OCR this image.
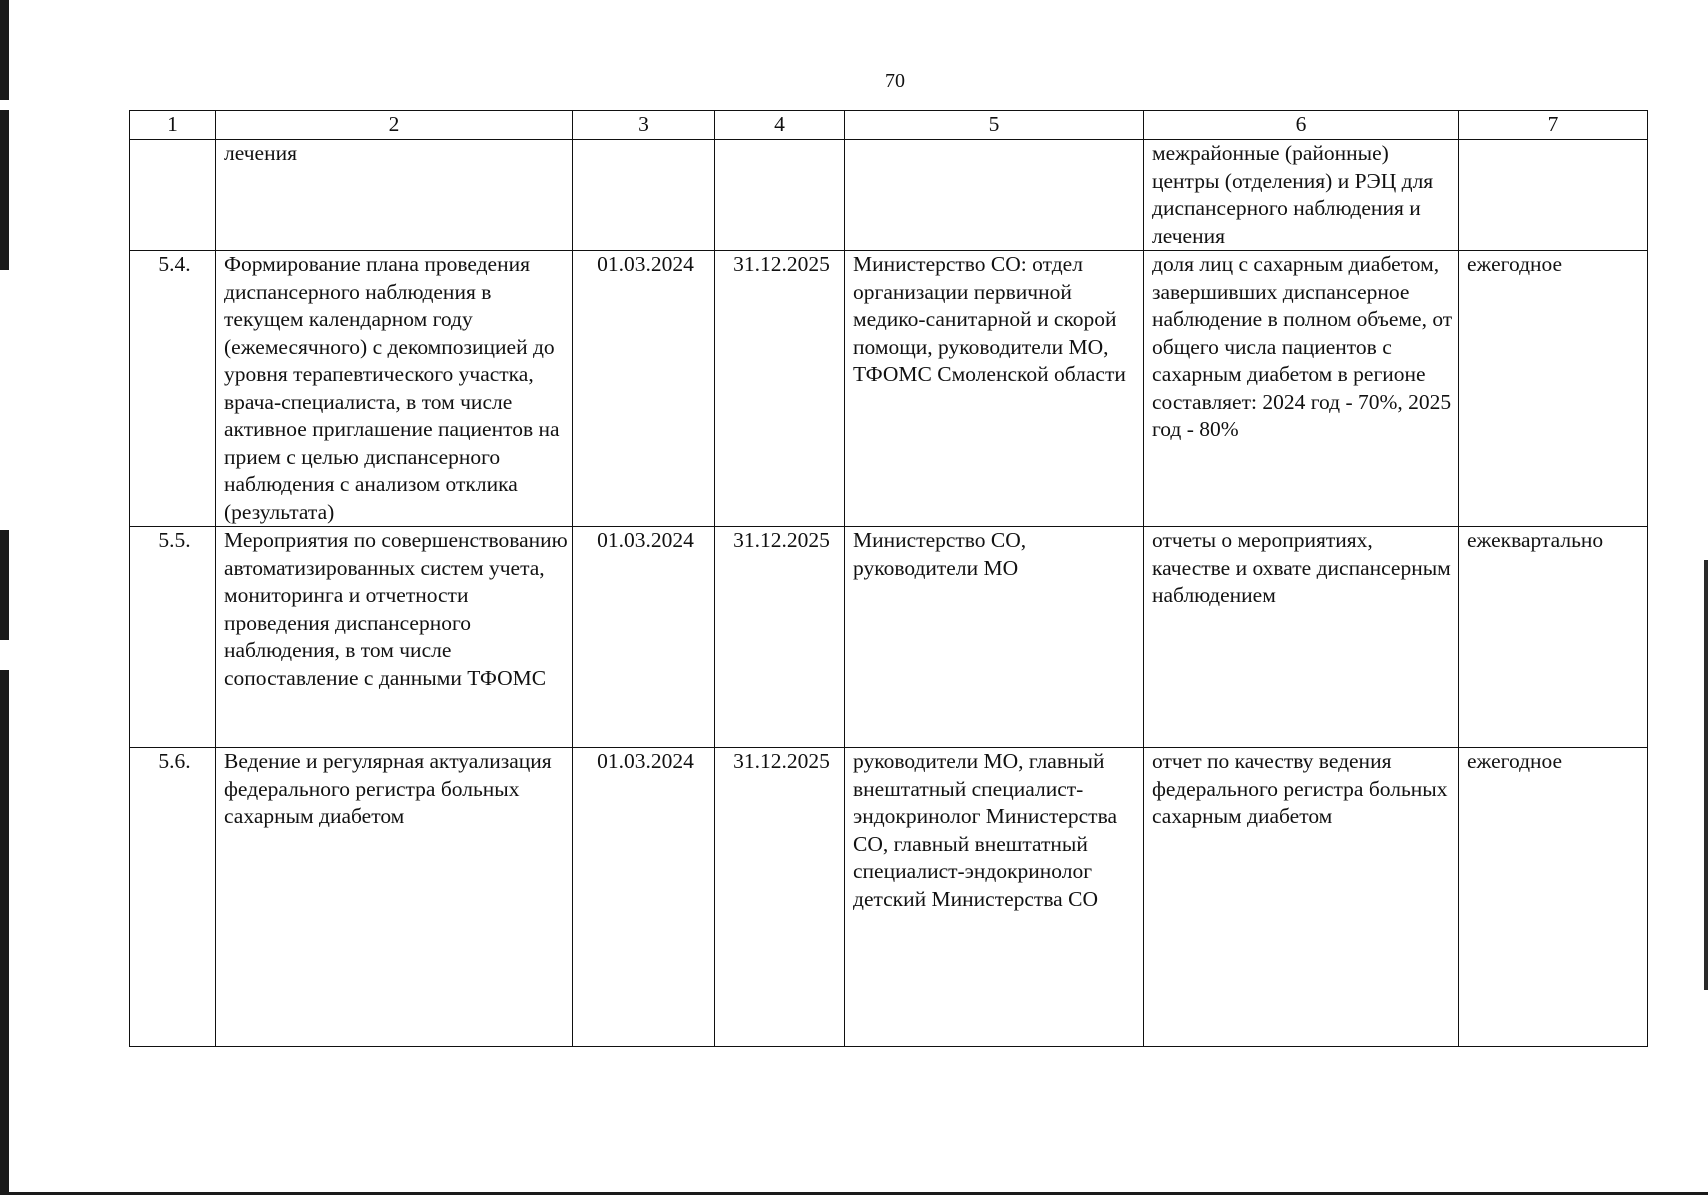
70
1	2	3	4	5	6	7
	лечения				межрайонные (районные) центры (отделения) и РЭЦ для диспансерного наблюдения и лечения	
5.4.	Формирование плана проведения диспансерного наблюдения в текущем календарном году (ежемесячного) с декомпозицией до уровня терапевтического участка, врача-специалиста, в том числе активное приглашение пациентов на прием с целью диспансерного наблюдения с анализом отклика (результата)	01.03.2024	31.12.2025	Министерство СО: отдел организации первичной медико-санитарной и скорой помощи, руководители МО, ТФОМС Смоленской области	доля лиц с сахарным диабетом, завершивших диспансерное наблюдение в полном объеме, от общего числа пациентов с сахарным диабетом в регионе составляет: 2024 год - 70%, 2025 год - 80%	ежегодное
5.5.	Мероприятия по совершенствованию автоматизированных систем учета, мониторинга и отчетности проведения диспансерного наблюдения, в том числе сопоставление с данными ТФОМС	01.03.2024	31.12.2025	Министерство СО, руководители МО	отчеты о мероприятиях, качестве и охвате диспансерным наблюдением	ежеквартально
5.6.	Ведение и регулярная актуализация федерального регистра больных сахарным диабетом	01.03.2024	31.12.2025	руководители МО, главный внештатный специалист-эндокринолог Министерства СО, главный внештатный специалист-эндокринолог детский Министерства СО	отчет по качеству ведения федерального регистра больных сахарным диабетом	ежегодное
